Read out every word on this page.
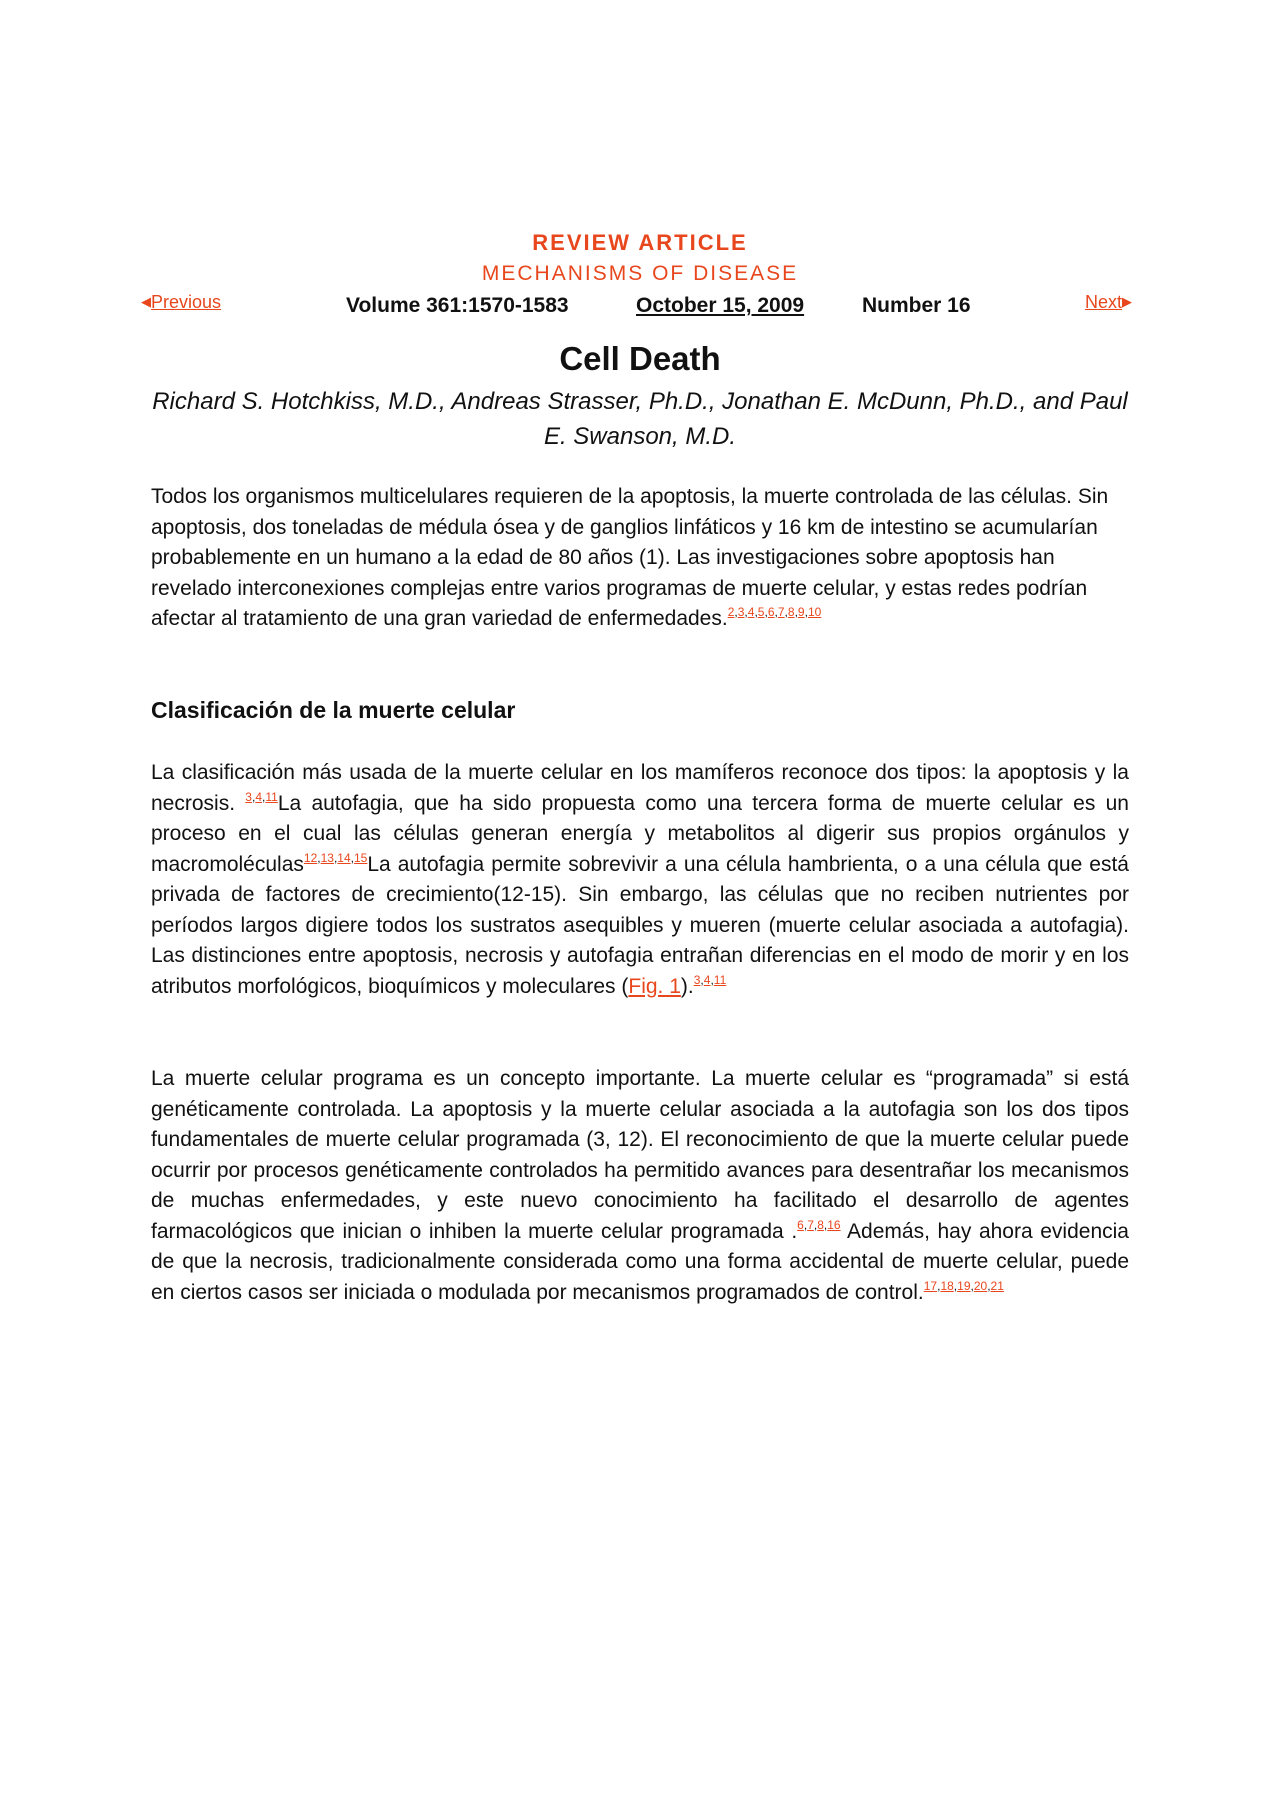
REVIEW ARTICLE
MECHANISMS OF DISEASE
◀Previous	Volume 361:1570-1583	October 15, 2009	Number 16	Next▶
Cell Death
Richard S. Hotchkiss, M.D., Andreas Strasser, Ph.D., Jonathan E. McDunn, Ph.D., and Paul E. Swanson, M.D.
Todos los organismos multicelulares requieren de la apoptosis, la muerte controlada de las células. Sin apoptosis, dos toneladas de médula ósea y de ganglios linfáticos y 16 km de intestino se acumularían probablemente en un humano a la edad de 80 años (1). Las investigaciones sobre apoptosis han revelado interconexiones complejas entre varios programas de muerte celular, y estas redes podrían afectar al tratamiento de una gran variedad de enfermedades.$^{2,3,4,5,6,7,8,9,10}$
Clasificación de la muerte celular
La clasificación más usada de la muerte celular en los mamíferos reconoce dos tipos: la apoptosis y la necrosis. $^{3,4,11}$La autofagia, que ha sido propuesta como una tercera forma de muerte celular es un proceso en el cual las células generan energía y metabolitos al digerir sus propios orgánulos y macromoléculas$^{12,13,14,15}$La autofagia permite sobrevivir a una célula hambrienta, o a una célula que está privada de factores de crecimiento(12-15). Sin embargo, las células que no reciben nutrientes por períodos largos digiere todos los sustratos asequibles y mueren (muerte celular asociada a autofagia). Las distinciones entre apoptosis, necrosis y autofagia entrañan diferencias en el modo de morir y en los atributos morfológicos, bioquímicos y moleculares (Fig. 1).$^{3,4,11}$
La muerte celular programa es un concepto importante. La muerte celular es “programada” si está genéticamente controlada. La apoptosis y la muerte celular asociada a la autofagia son los dos tipos fundamentales de muerte celular programada (3, 12). El reconocimiento de que la muerte celular puede ocurrir por procesos genéticamente controlados ha permitido avances para desentrañar los mecanismos de muchas enfermedades, y este nuevo conocimiento ha facilitado el desarrollo de agentes farmacológicos que inician o inhiben la muerte celular programada .$^{6,7,8,16}$ Además, hay ahora evidencia de que la necrosis, tradicionalmente considerada como una forma accidental de muerte celular, puede en ciertos casos ser iniciada o modulada por mecanismos programados de control.$^{17,18,19,20,21}$
